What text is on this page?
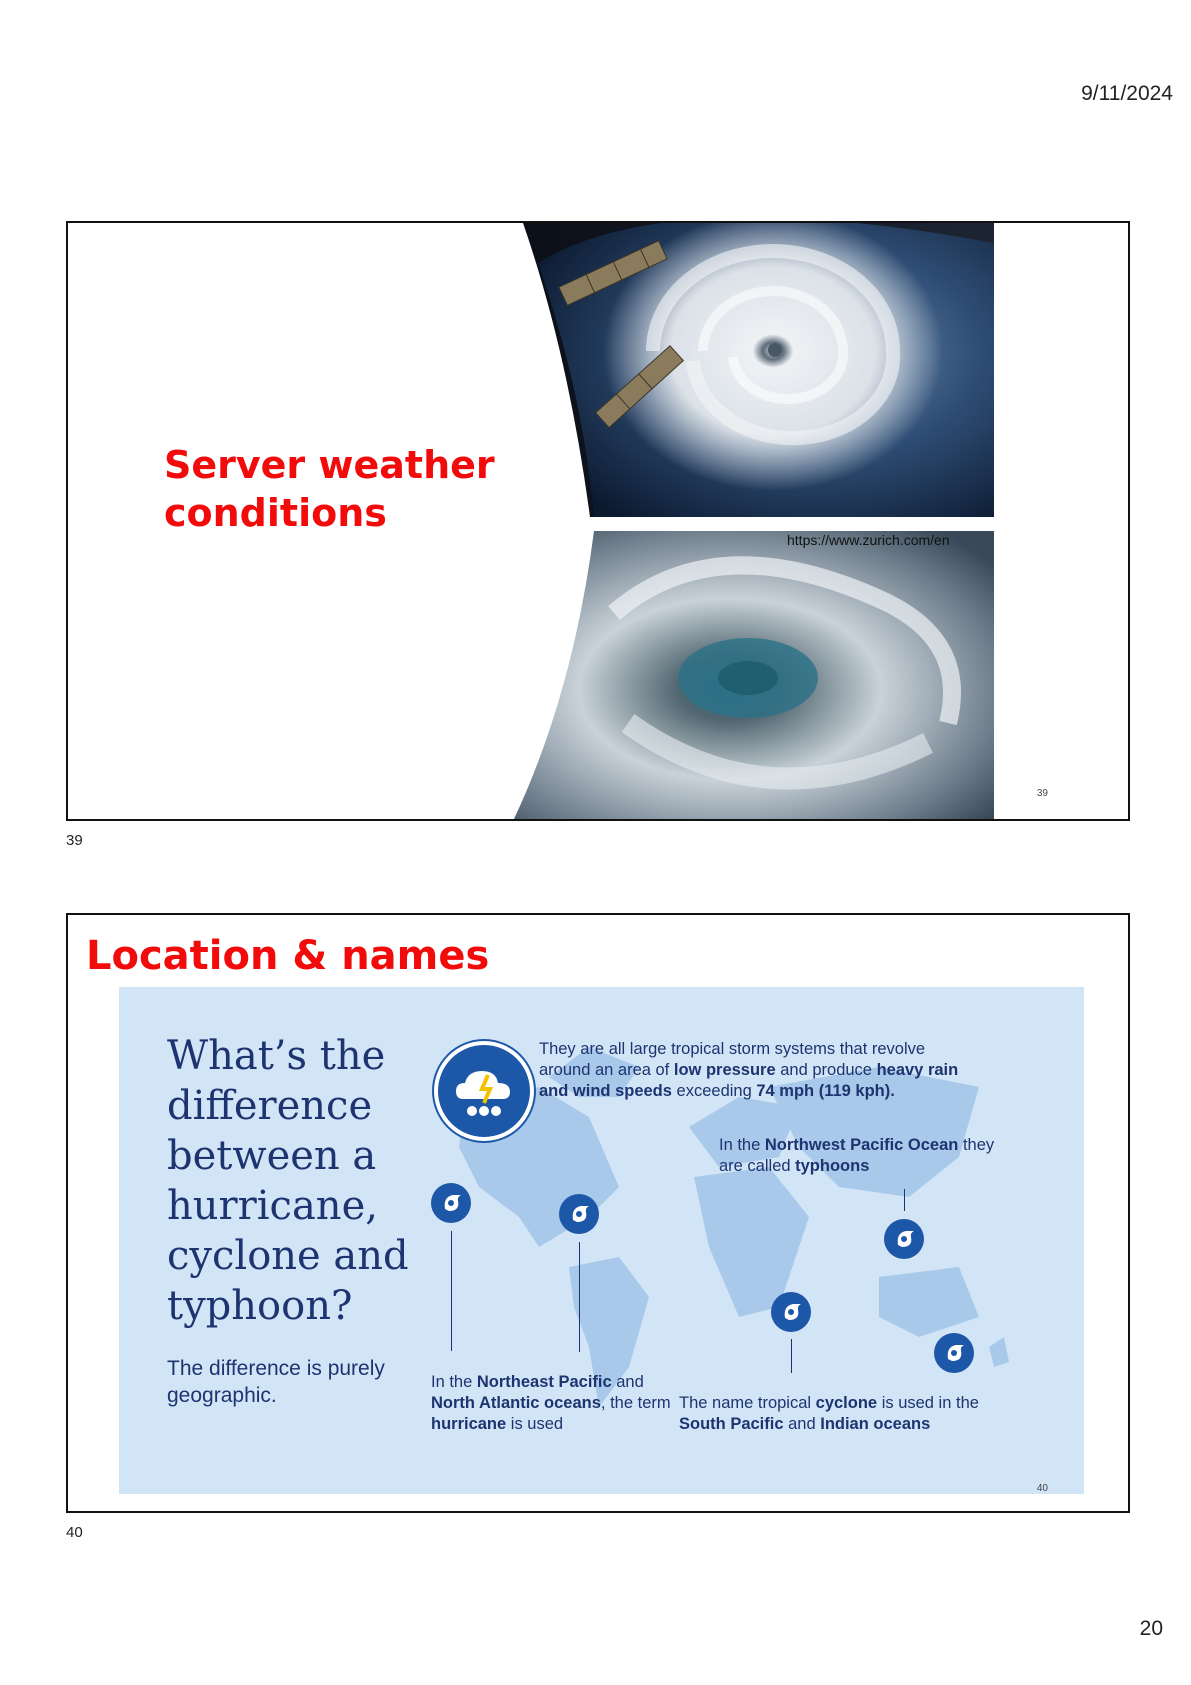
9/11/2024
Server weather conditions
https://www.zurich.com/en
39
39
Location & names
What’s the difference between a hurricane, cyclone and typhoon?
The difference is purely geographic.
They are all large tropical storm systems that revolve around an area of low pressure and produce heavy rain and wind speeds exceeding 74 mph (119 kph).
In the Northwest Pacific Ocean they are called typhoons
In the Northeast Pacific and North Atlantic oceans, the term hurricane is used
The name tropical cyclone is used in the South Pacific and Indian oceans
40
40
20
